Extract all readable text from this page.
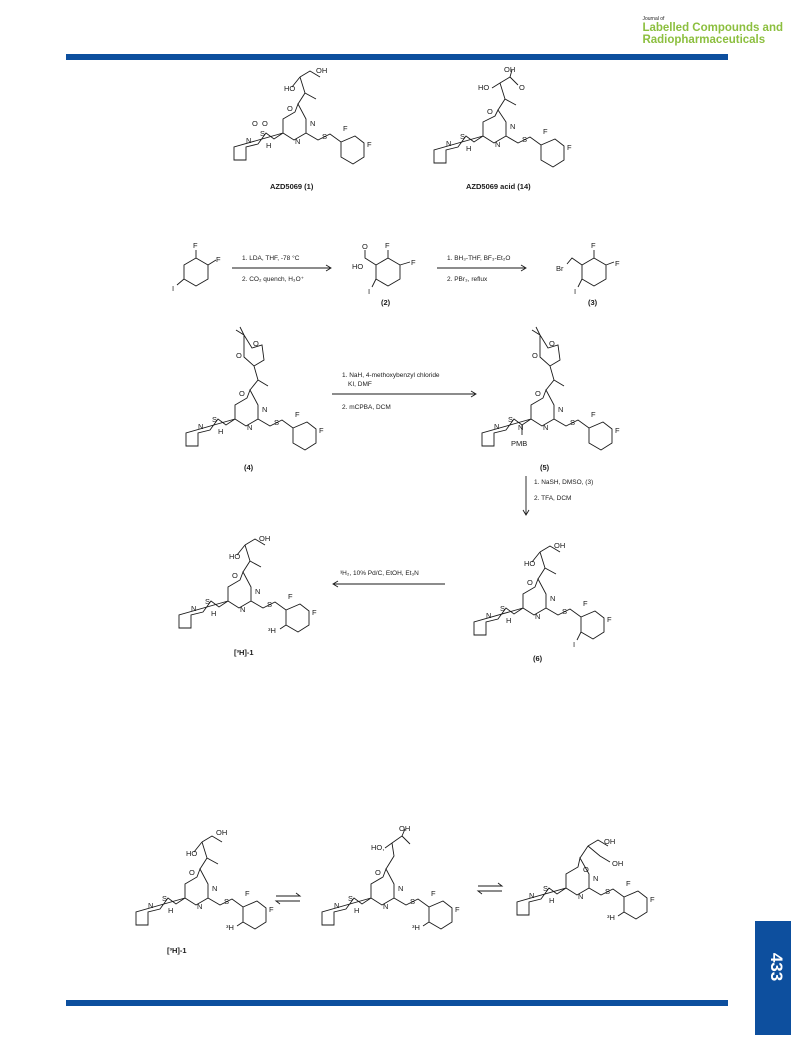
Journal of
Labelled Compounds and
Radiopharmaceuticals
433
HO
OH
O
N
N
S
S
O O
N
H
F
F
AZD5069 (1)
HO
OH
O
O
N
N
S
S
N
H
F
F
AZD5069 acid (14)
F
F
I
1. LDA, THF, -78 °C
2. CO₂ quench, H₃O⁺
HO
O F
F
I
(2)
1. BH₃-THF, BF₃-Et₂O
2. PBr₃, reflux
Br
F
F
I
(3)
O
O
O
N
N
S
S
N
H
F
F
(4)
1. NaH, 4-methoxybenzyl chloride
KI, DMF
2. mCPBA, DCM
O
O
O
N
N
S
S
N N
PMB
F
F
(5)
1. NaSH, DMSO, (3)
2. TFA, DCM
HO
OH
O
N
N
S
S
N
H
F
F
I
(6)
³H₂, 10% Pd/C, EtOH, Et₃N
HO
OH
O
N
N
S
S
N
H
F
F
³H
[³H]-1
HO
OH
O
N
N
S
S
N
H
F
F
³H
[³H]-1
HO,
OH
O
N
N
S
S
N
H
F
F
³H
OH
OH
O
N
N
S
S
N
H
F
F
³H
